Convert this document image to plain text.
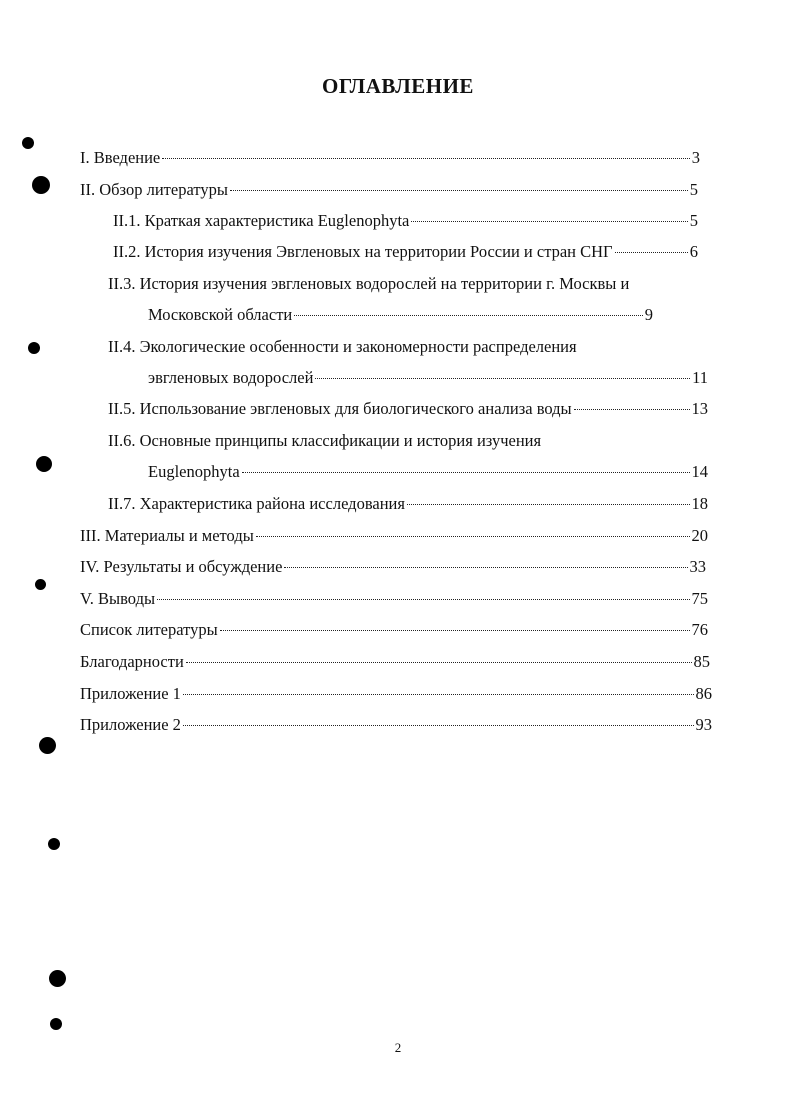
ОГЛАВЛЕНИЕ
I. Введение	3
II. Обзор литературы	5
II.1. Краткая характеристика Euglenophyta	5
II.2. История изучения Эвгленовых на территории России и стран СНГ	6
II.3. История изучения эвгленовых водорослей на территории г. Москвы и
Московской области	9
II.4. Экологические особенности и закономерности распределения
эвгленовых водорослей	11
II.5. Использование эвгленовых для биологического анализа воды	13
II.6. Основные принципы классификации и история изучения
Euglenophyta	14
II.7. Характеристика района исследования	18
III. Материалы и методы	20
IV. Результаты и обсуждение	33
V. Выводы	75
Список литературы	76
Благодарности	85
Приложение 1	86
Приложение 2	93
2
